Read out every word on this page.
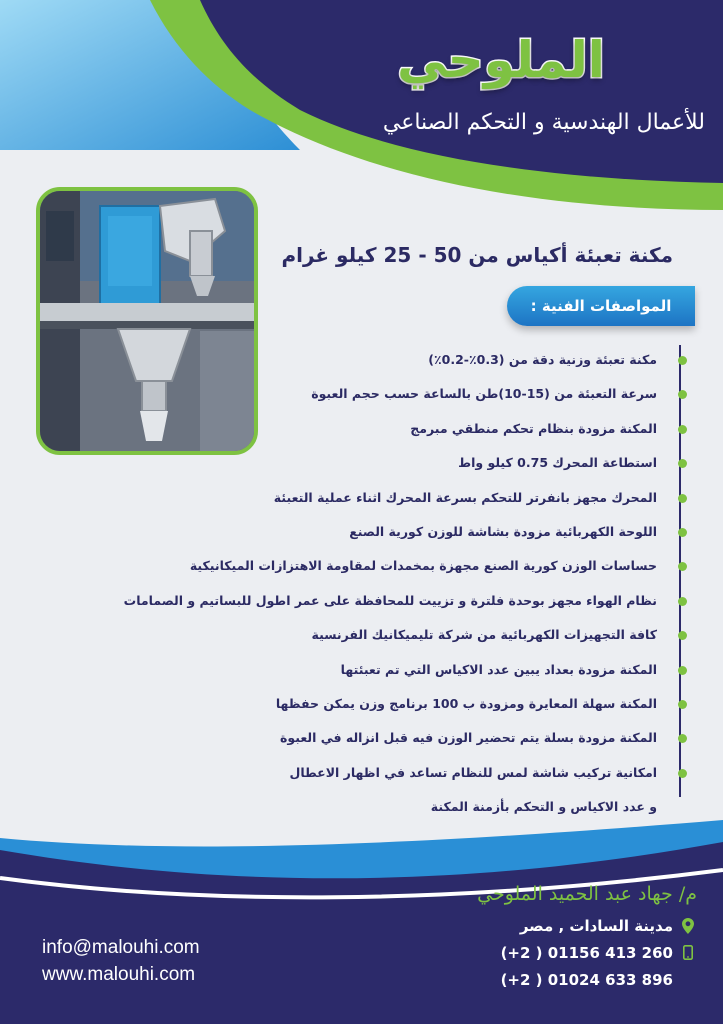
الملوحي
للأعمال الهندسية و التحكم الصناعي
مكنة تعبئة أكياس من 50 - 25 كيلو غرام
المواصفات الفنية :
مكنة تعبئة وزنية دقة من (0.3٪-0.2٪)
سرعة التعبئة من (15-10)طن بالساعة حسب حجم العبوة
المكنة مزودة بنظام تحكم منطقي مبرمج
استطاعة المحرك 0.75 كيلو واط
المحرك مجهز بانفرتر للتحكم بسرعة المحرك اثناء عملية التعبئة
اللوحة الكهربائية مزودة بشاشة للوزن كورية الصنع
حساسات الوزن كورية الصنع مجهزة بمخمدات لمقاومة الاهتزازات الميكانيكية
نظام الهواء مجهز بوحدة فلترة و تزييت للمحافظة على عمر اطول للبساتيم و الصمامات
كافة التجهيزات الكهربائية من شركة تليميكانيك الفرنسية
المكنة مزودة بعداد يبين عدد الاكياس التي تم تعبئتها
المكنة سهلة المعايرة ومزودة ب 100 برنامج وزن يمكن حفظها
المكنة مزودة بسلة يتم تحضير الوزن فيه قبل انزاله في العبوة
امكانية تركيب شاشة لمس للنظام تساعد في اظهار الاعطال
و عدد الاكياس و التحكم بأزمنة المكنة
م/ جهاد عبد الحميد الملوحي
مدينة السادات , مصر
(+2 ) 01156 413 260
(+2 ) 01024 633 896
info@malouhi.com
www.malouhi.com
